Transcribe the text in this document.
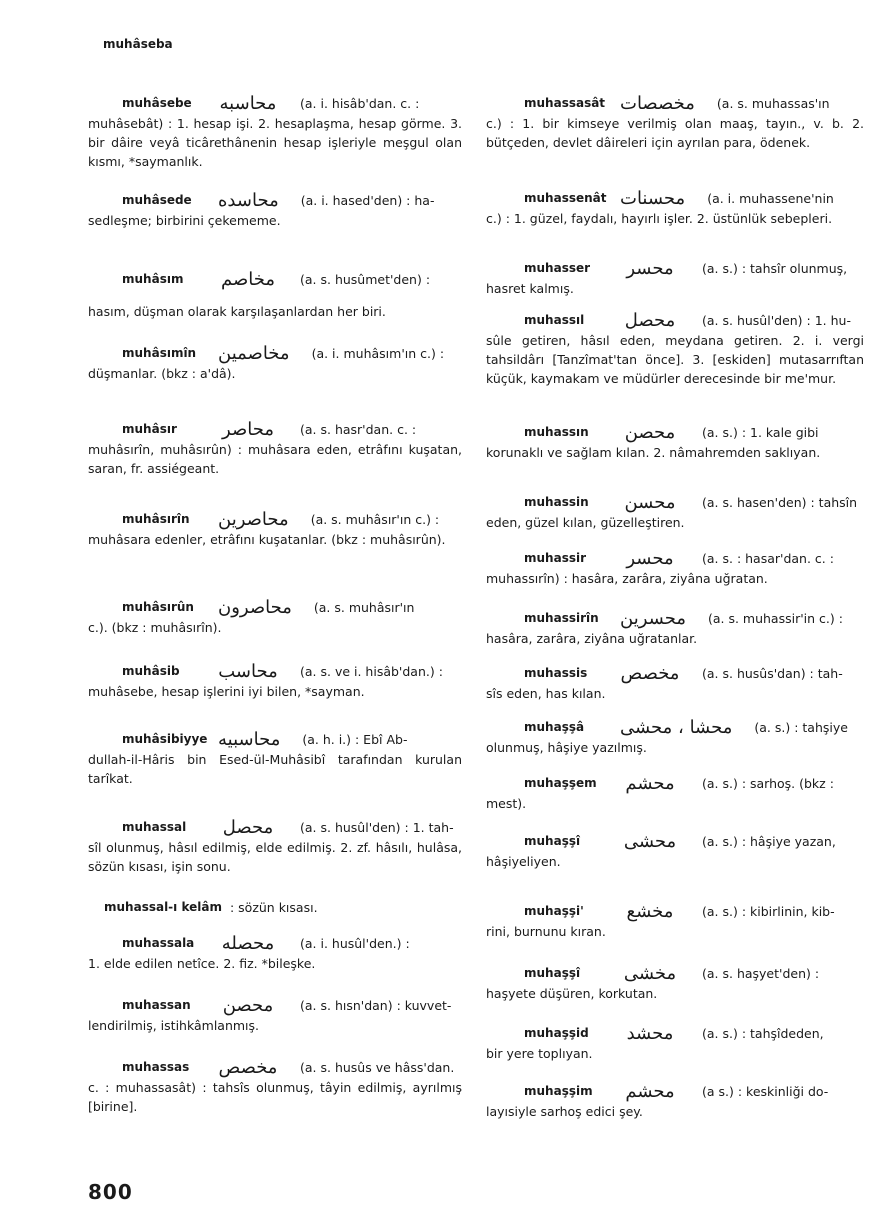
muhâseba
muhâsebe	محاسبه (a. i. hisâb'dan. c. :
muhâsebât) : 1. hesap işi. 2. hesaplaşma, hesap görme. 3. bir dâire veyâ ticârethânenin hesap işleriyle meşgul olan kısmı, *saymanlık.
muhâsede	محاسده (a. i. hased'den) : ha-
sedleşme; birbirini çekememe.
muhâsım	مخاصم (a. s. husûmet'den) :
hasım, düşman olarak karşılaşanlardan her biri.
muhâsımîn	مخاصمین (a. i. muhâsım'ın c.) :
düşmanlar. (bkz : a'dâ).
muhâsır	محاصر	(a. s. hasr'dan. c. :
muhâsırîn, muhâsırûn) : muhâsara eden, etrâfını kuşatan, saran, fr. assiégeant.
muhâsırîn	محاصرين (a. s. muhâsır'ın c.) :
muhâsara edenler, etrâfını kuşatanlar. (bkz : muhâsırûn).
muhâsırûn	محاصرون (a. s. muhâsır'ın
c.). (bkz : muhâsırîn).
muhâsib	محاسب (a. s. ve i. hisâb'dan.) :
muhâsebe, hesap işlerini iyi bilen, *sayman.
muhâsibiyye محاسبیه (a. h. i.) : Ebî Ab-
dullah-il-Hâris bin Esed-ül-Muhâsibî tarafından kurulan tarîkat.
muhassal	محصل	(a. s. husûl'den) : 1. tah-
sîl olunmuş, hâsıl edilmiş, elde edilmiş. 2. zf. hâsılı, hulâsa, sözün kısası, işin sonu.
muhassal-ı kelâm : sözün kısası.
muhassala	محصله	(a. i. husûl'den.) :
1. elde edilen netîce. 2. fiz. *bileşke.
muhassan	محصن	(a. s. hısn'dan) : kuvvet-
lendirilmiş, istihkâmlanmış.
muhassas	مخصص (a. s. husûs ve hâss'dan.
c. : muhassasât) : tahsîs olunmuş, tâyin edilmiş, ayrılmış [birine].
muhassasât مخصصات (a. s. muhassas'ın
c.) : 1. bir kimseye verilmiş olan maaş, tayın., v. b. 2. bütçeden, devlet dâireleri için ayrılan para, ödenek.
muhassenât محسنات (a. i. muhassene'nin
c.) : 1. güzel, faydalı, hayırlı işler. 2. üstünlük sebepleri.
muhasser	محسر	(a. s.) : tahsîr olunmuş,
hasret kalmış.
muhassıl	محصل	(a. s. husûl'den) : 1. hu-
sûle getiren, hâsıl eden, meydana getiren. 2. i. vergi tahsildârı [Tanzîmat'tan önce]. 3. [eskiden] mutasarrıftan küçük, kaymakam ve müdürler derecesinde bir me'mur.
muhassın	محصن	(a. s.) : 1. kale gibi
korunaklı ve sağlam kılan. 2. nâmahremden saklıyan.
muhassin	محسن	(a. s. hasen'den) : tahsîn
eden, güzel kılan, güzelleştiren.
muhassir	محسر	(a. s. : hasar'dan. c. :
muhassırîn) : hasâra, zarâra, ziyâna uğratan.
muhassirîn	محسرين (a. s. muhassir'in c.) :
hasâra, zarâra, ziyâna uğratanlar.
muhassis	مخصص (a. s. husûs'dan) : tah-
sîs eden, has kılan.
muhaşşâ	محشا ، محشى (a. s.) : tahşiye
olunmuş, hâşiye yazılmış.
muhaşşem	محشم	(a. s.) : sarhoş. (bkz :
mest).
muhaşşî	محشى	(a. s.) : hâşiye yazan,
hâşiyeliyen.
muhaşşi'	مخشع	(a. s.) : kibirlinin, kib-
rini, burnunu kıran.
muhaşşî	مخشى	(a. s. haşyet'den) :
haşyete düşüren, korkutan.
muhaşşid	محشد	(a. s.) : tahşîdeden,
bir yere toplıyan.
muhaşşim	محشم	(a s.) : keskinliği do-
layısiyle sarhoş edici şey.
800
